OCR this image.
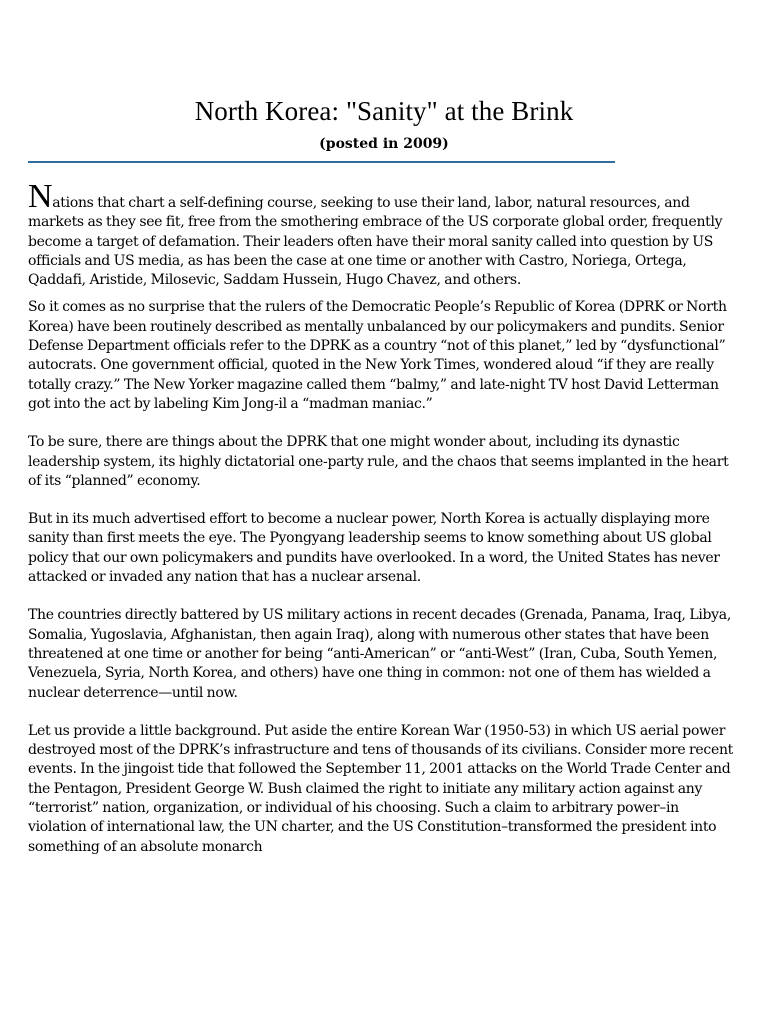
North Korea: "Sanity" at the Brink
(posted in 2009)

Nations that chart a self-defining course, seeking to use their land, labor, natural resources, and markets as they see fit, free from the smothering embrace of the US corporate global order, frequently become a target of defamation. Their leaders often have their moral sanity called into question by US officials and US media, as has been the case at one time or another with Castro, Noriega, Ortega, Qaddafi, Aristide, Milosevic, Saddam Hussein, Hugo Chavez, and others.

So it comes as no surprise that the rulers of the Democratic People’s Republic of Korea (DPRK or North Korea) have been routinely described as mentally unbalanced by our policymakers and pundits. Senior Defense Department officials refer to the DPRK as a country “not of this planet,” led by “dysfunctional” autocrats. One government official, quoted in the New York Times, wondered aloud “if they are really totally crazy.” The New Yorker magazine called them “balmy,” and late-night TV host David Letterman got into the act by labeling Kim Jong-il a “madman maniac.”

To be sure, there are things about the DPRK that one might wonder about, including its dynastic leadership system, its highly dictatorial one-party rule, and the chaos that seems implanted in the heart of its “planned” economy.

But in its much advertised effort to become a nuclear power, North Korea is actually displaying more sanity than first meets the eye. The Pyongyang leadership seems to know something about US global policy that our own policymakers and pundits have overlooked. In a word, the United States has never attacked or invaded any nation that has a nuclear arsenal.

The countries directly battered by US military actions in recent decades (Grenada, Panama, Iraq, Libya, Somalia, Yugoslavia, Afghanistan, then again Iraq), along with numerous other states that have been threatened at one time or another for being “anti-American” or “anti-West” (Iran, Cuba, South Yemen, Venezuela, Syria, North Korea, and others) have one thing in common: not one of them has wielded a nuclear deterrence—until now.

Let us provide a little background. Put aside the entire Korean War (1950-53) in which US aerial power destroyed most of the DPRK’s infrastructure and tens of thousands of its civilians. Consider more recent events. In the jingoist tide that followed the September 11, 2001 attacks on the World Trade Center and the Pentagon, President George W. Bush claimed the right to initiate any military action against any “terrorist” nation, organization, or individual of his choosing. Such a claim to arbitrary power–in violation of international law, the UN charter, and the US Constitution–transformed the president into something of an absolute monarch
